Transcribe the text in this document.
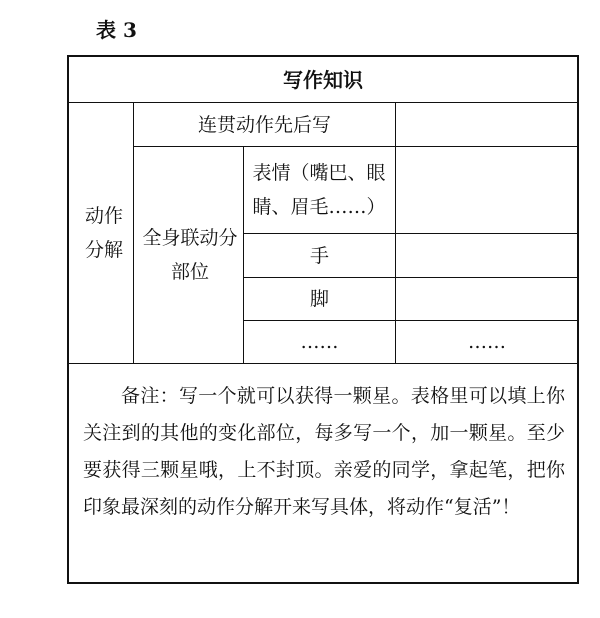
表 3
写作知识
动作分解
连贯动作先后写
全身联动分部位
表情（嘴巴、眼睛、眉毛……）
手
脚
……	……
备注：写一个就可以获得一颗星。表格里可以填上你关注到的其他的变化部位，每多写一个，加一颗星。至少要获得三颗星哦，上不封顶。亲爱的同学，拿起笔，把你印象最深刻的动作分解开来写具体，将动作“复活”！
